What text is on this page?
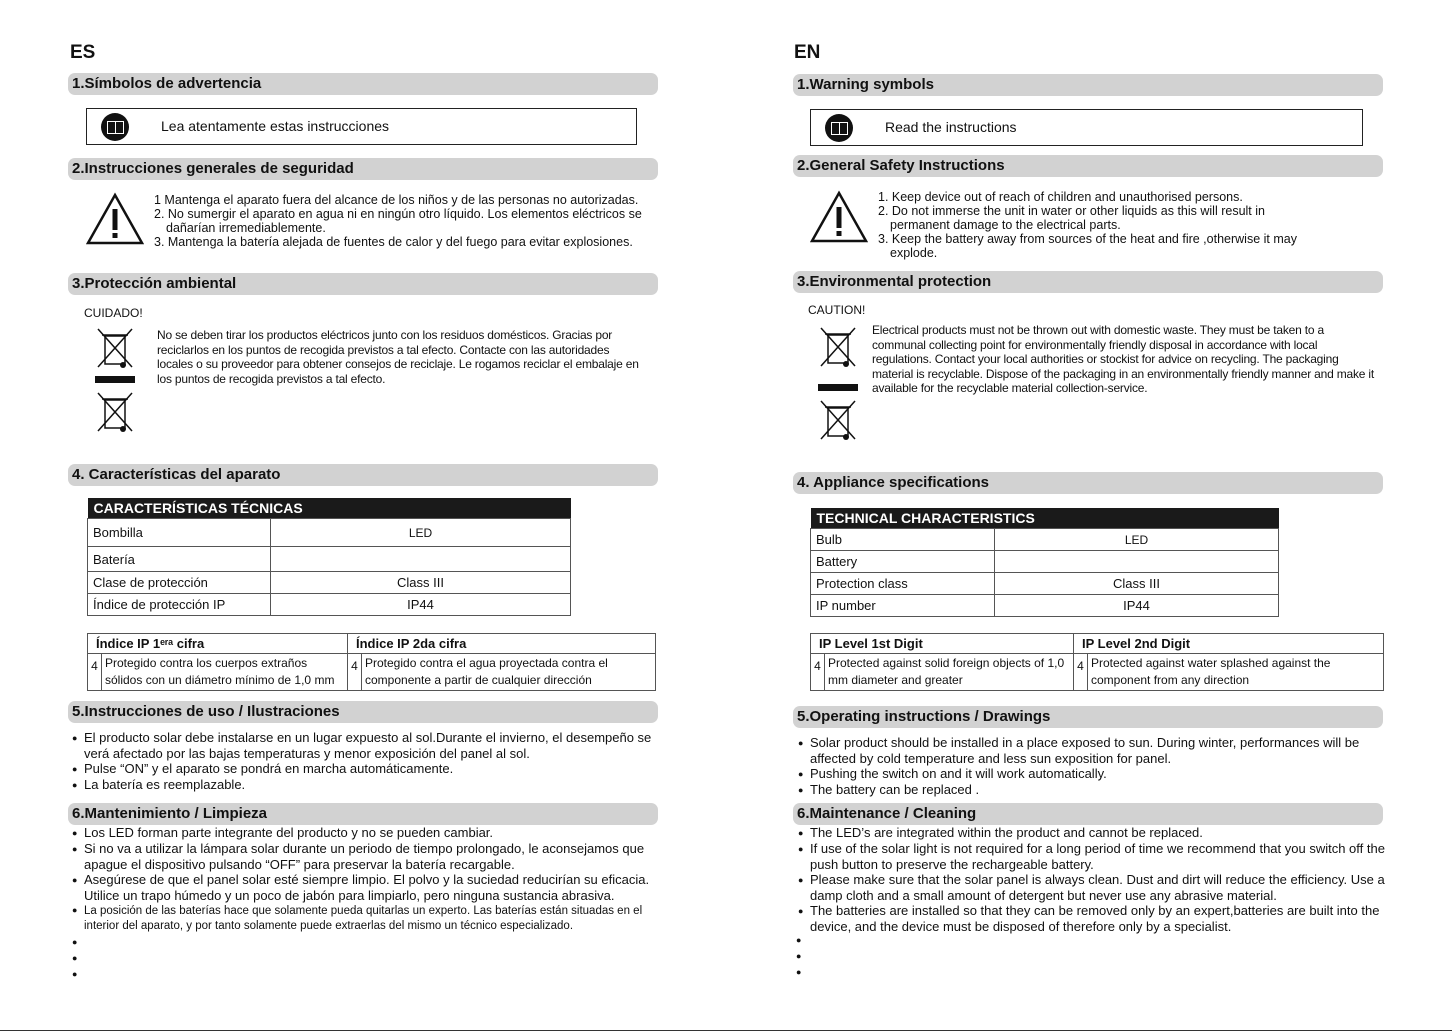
ES
1.Símbolos de advertencia
Lea atentamente estas instrucciones
2.Instrucciones generales de seguridad
1 Mantenga el aparato fuera del alcance de los niños y de las personas no autorizadas.
2. No sumergir el aparato en agua ni en ningún otro líquido. Los elementos eléctricos se dañarían irremediablemente.
3. Mantenga la batería alejada de fuentes de calor y del fuego para evitar explosiones.
3.Protección ambiental
CUIDADO!
No se deben tirar los productos eléctricos junto con los residuos domésticos. Gracias por reciclarlos en los puntos de recogida previstos a tal efecto. Contacte con las autoridades locales o su proveedor para obtener consejos de reciclaje. Le rogamos reciclar el embalaje en los puntos de recogida previstos a tal efecto.
4. Características del aparato
CARACTERÍSTICAS TÉCNICAS	
Bombilla	LED
Batería	
Clase de protección	Class III
Índice de protección IP	IP44
Índice IP 1ᵉʳᵃ cifra		Índice IP 2da cifra	
4	Protegido contra los cuerpos extraños sólidos con un diámetro mínimo de 1,0 mm	4	Protegido contra el agua proyectada contra el componente a partir de cualquier dirección
5.Instrucciones de uso / Ilustraciones
● El producto solar debe instalarse en un lugar expuesto al sol.Durante el invierno, el desempeño se verá afectado por las bajas temperaturas y menor exposición del panel al sol.
● Pulse “ON” y el aparato se pondrá en marcha automáticamente.
● La batería es reemplazable.
6.Mantenimiento / Limpieza
● Los LED forman parte integrante del producto y no se pueden cambiar.
● Si no va a utilizar la lámpara solar durante un periodo de tiempo prolongado, le aconsejamos que apague el dispositivo pulsando “OFF” para preservar la batería recargable.
● Asegúrese de que el panel solar esté siempre limpio. El polvo y la suciedad reducirían su eficacia. Utilice un trapo húmedo y un poco de jabón para limpiarlo, pero ninguna sustancia abrasiva.
● La posición de las baterías hace que solamente pueda quitarlas un experto. Las baterías están situadas en el interior del aparato, y por tanto solamente puede extraerlas del mismo un técnico especializado.
●
●
●
EN
1.Warning symbols
Read the instructions
2.General Safety Instructions
1. Keep device out of reach of children and unauthorised persons.
2. Do not immerse the unit in water or other liquids as this will result in permanent damage to the electrical parts.
3. Keep the battery away from sources of the heat and fire ,otherwise it may explode.
3.Environmental protection
CAUTION!
Electrical products must not be thrown out with domestic waste. They must be taken to a communal collecting point for environmentally friendly disposal in accordance with local regulations. Contact your local authorities or stockist for advice on recycling. The packaging material is recyclable. Dispose of the packaging in an environmentally friendly manner and make it available for the recyclable material collection-service.
4. Appliance specifications
TECHNICAL CHARACTERISTICS	
Bulb	LED
Battery	
Protection class	Class III
IP number	IP44
IP Level 1st Digit		IP Level 2nd Digit	
4	Protected against solid foreign objects of 1,0 mm diameter and greater	4	Protected against water splashed against the component from any direction
5.Operating instructions / Drawings
● Solar product should be installed in a place exposed to sun. During winter, performances will be affected by cold temperature and less sun exposition for panel.
● Pushing the switch on and it will work automatically.
● The battery can be replaced .
6.Maintenance / Cleaning
● The LED’s are integrated within the product and cannot be replaced.
● If use of the solar light is not required for a long period of time we recommend that you switch off the push button to preserve the rechargeable battery.
● Please make sure that the solar panel is always clean. Dust and dirt will reduce the efficiency. Use a damp cloth and a small amount of detergent but never use any abrasive material.
● The batteries are installed so that they can be removed only by an expert,batteries are built into the device, and the device must be disposed of therefore only by a specialist.
●
●
●
